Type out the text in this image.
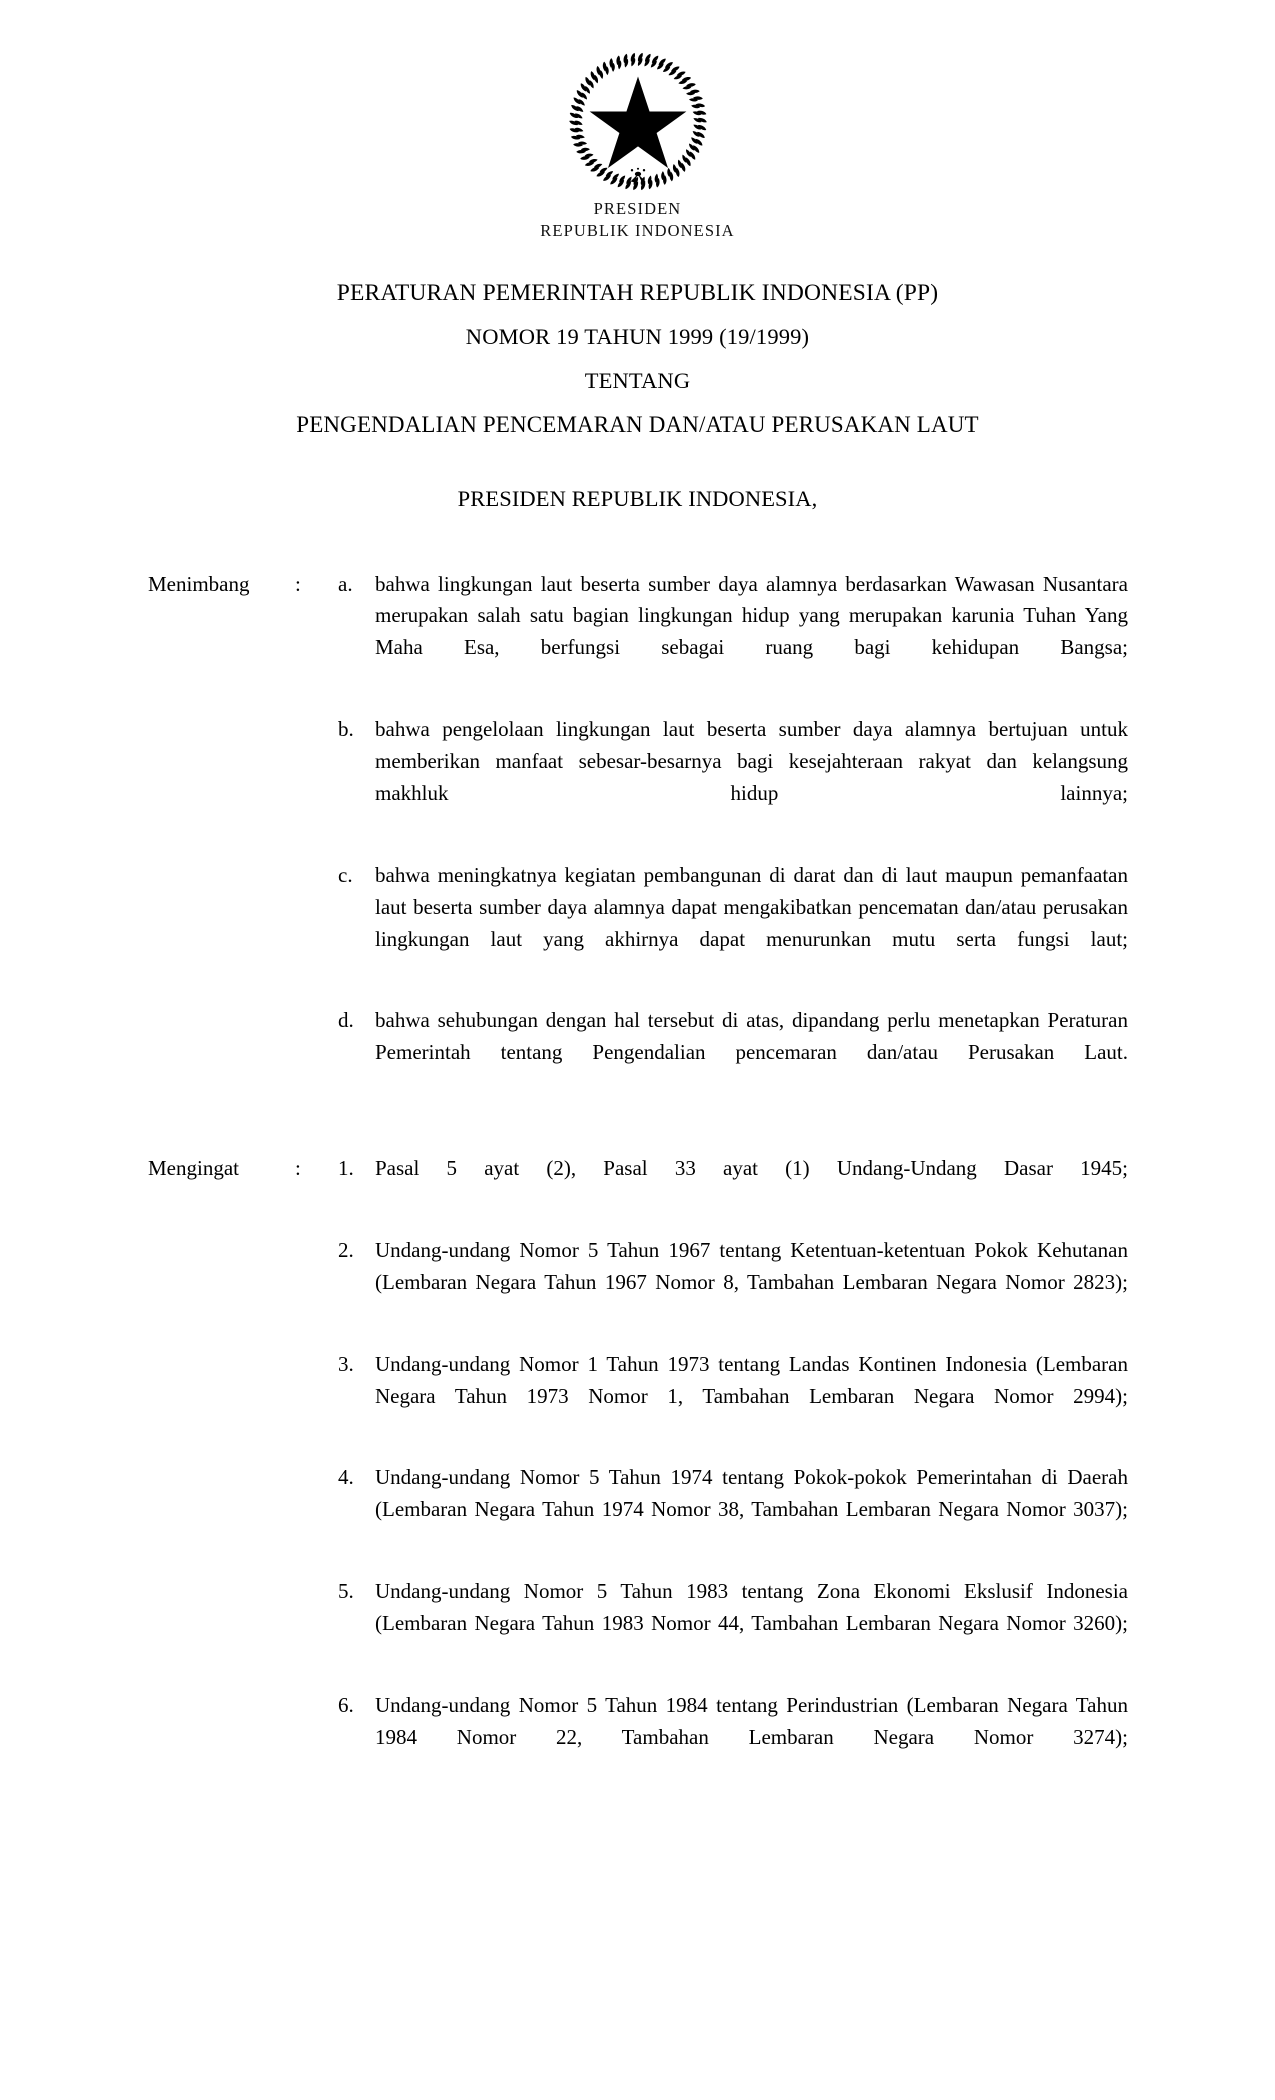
PRESIDEN
REPUBLIK INDONESIA
PERATURAN PEMERINTAH REPUBLIK INDONESIA (PP)
NOMOR 19 TAHUN 1999 (19/1999)
TENTANG
PENGENDALIAN PENCEMARAN DAN/ATAU PERUSAKAN LAUT
PRESIDEN REPUBLIK INDONESIA,
Menimbang	:	a.	bahwa lingkungan laut beserta sumber daya alamnya berdasarkan Wawasan Nusantara merupakan salah satu bagian lingkungan hidup yang merupakan karunia Tuhan Yang Maha Esa, berfungsi sebagai ruang bagi kehidupan Bangsa;
b.	bahwa pengelolaan lingkungan laut beserta sumber daya alamnya bertujuan untuk memberikan manfaat sebesar-besarnya bagi kesejahteraan rakyat dan kelangsung makhluk hidup lainnya;
c.	bahwa meningkatnya kegiatan pembangunan di darat dan di laut maupun pemanfaatan laut beserta sumber daya alamnya dapat mengakibatkan pencematan dan/atau perusakan lingkungan laut yang akhirnya dapat menurunkan mutu serta fungsi laut;
d.	bahwa sehubungan dengan hal tersebut di atas, dipandang perlu menetapkan Peraturan Pemerintah tentang Pengendalian pencemaran dan/atau Perusakan Laut.
Mengingat	:	1.	Pasal 5 ayat (2), Pasal 33 ayat (1) Undang-Undang Dasar 1945;
2.	Undang-undang Nomor 5 Tahun 1967 tentang Ketentuan-ketentuan Pokok Kehutanan (Lembaran Negara Tahun 1967 Nomor 8, Tambahan Lembaran Negara Nomor 2823);
3.	Undang-undang Nomor 1 Tahun 1973 tentang Landas Kontinen Indonesia (Lembaran Negara Tahun 1973 Nomor 1, Tambahan Lembaran Negara Nomor 2994);
4.	Undang-undang Nomor 5 Tahun 1974 tentang Pokok-pokok Pemerintahan di Daerah (Lembaran Negara Tahun 1974 Nomor 38, Tambahan Lembaran Negara Nomor 3037);
5.	Undang-undang Nomor 5 Tahun 1983 tentang Zona Ekonomi Ekslusif Indonesia (Lembaran Negara Tahun 1983 Nomor 44, Tambahan Lembaran Negara Nomor 3260);
6.	Undang-undang Nomor 5 Tahun 1984 tentang Perindustrian (Lembaran Negara Tahun 1984 Nomor 22, Tambahan Lembaran Negara Nomor 3274);
